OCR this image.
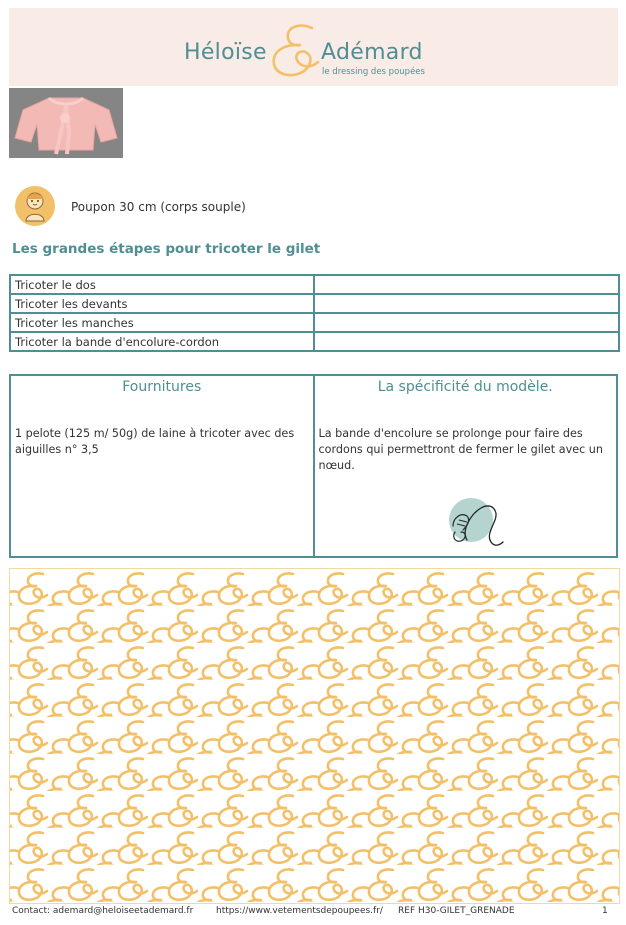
Héloïse Adémard
le dressing des poupées
Poupon 30 cm (corps souple)
Les grandes étapes pour tricoter le gilet
Tricoter le dos	
Tricoter les devants	
Tricoter les manches	
Tricoter la bande d'encolure-cordon	
Fournitures
1 pelote (125 m/ 50g) de laine à tricoter avec des aiguilles n° 3,5
La spécificité du modèle.
La bande d'encolure se prolonge pour faire des cordons qui permettront de fermer le gilet avec un nœud.
Contact: ademard@heloiseetademard.fr	https://www.vetementsdepoupees.fr/ REF H30-GILET_GRENADE	1
